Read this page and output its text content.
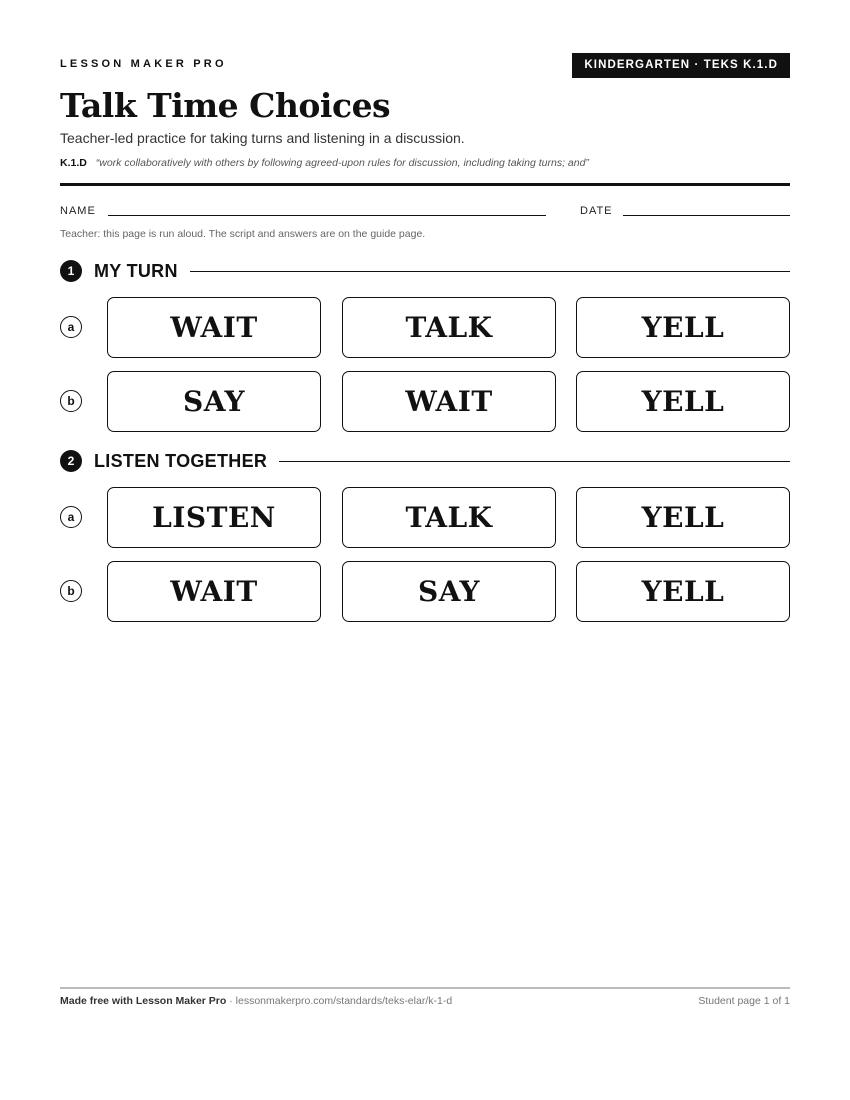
LESSON MAKER PRO	KINDERGARTEN · TEKS K.1.D
Talk Time Choices
Teacher-led practice for taking turns and listening in a discussion.
K.1.D “work collaboratively with others by following agreed-upon rules for discussion, including taking turns; and”
NAME	DATE
Teacher: this page is run aloud. The script and answers are on the guide page.
1	MY TURN
a	WAIT	TALK	YELL
b	SAY	WAIT	YELL
2	LISTEN TOGETHER
a	LISTEN	TALK	YELL
b	WAIT	SAY	YELL
Made free with Lesson Maker Pro · lessonmakerpro.com/standards/teks-elar/k-1-d	Student page 1 of 1
